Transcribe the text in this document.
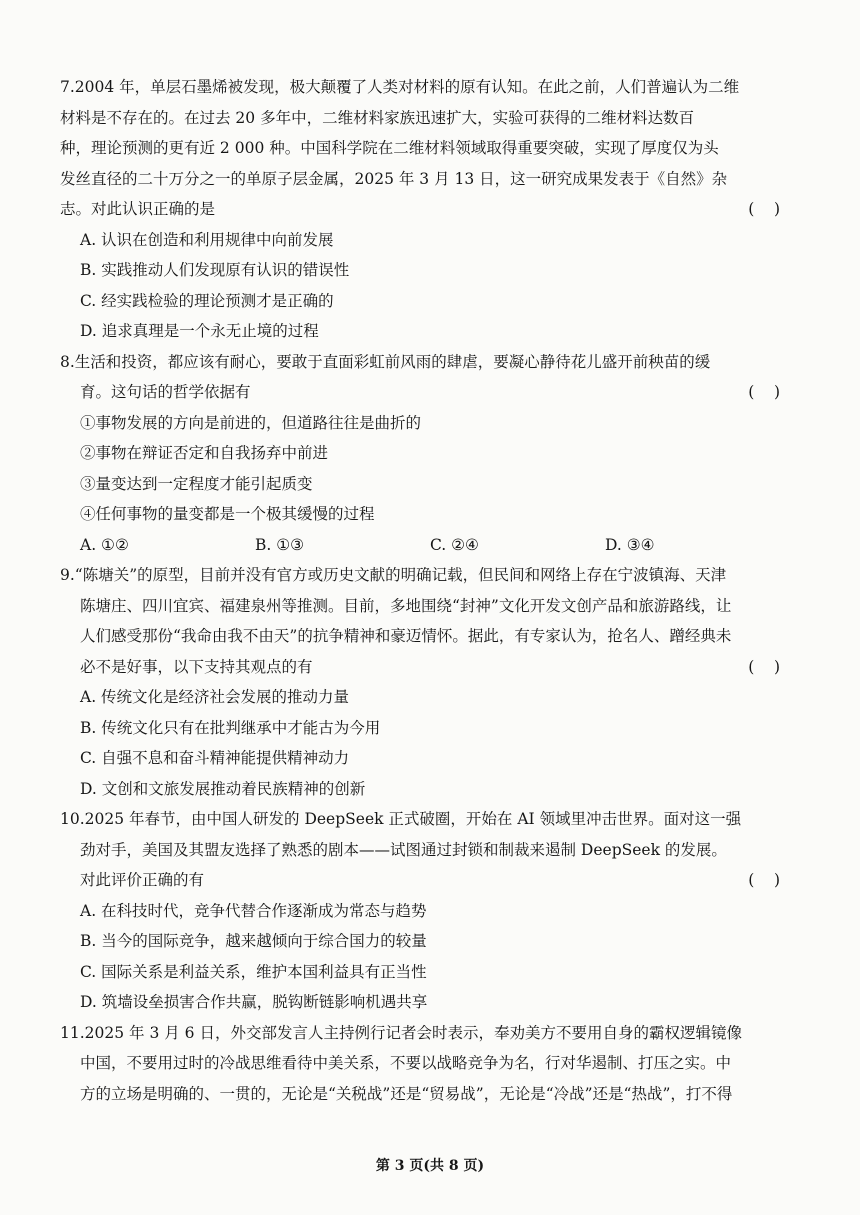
7.2004 年，单层石墨烯被发现，极大颠覆了人类对材料的原有认知。在此之前，人们普遍认为二维
材料是不存在的。在过去 20 多年中，二维材料家族迅速扩大，实验可获得的二维材料达数百
种，理论预测的更有近 2 000 种。中国科学院在二维材料领域取得重要突破，实现了厚度仅为头
发丝直径的二十万分之一的单原子层金属，2025 年 3 月 13 日，这一研究成果发表于《自然》杂
志。对此认识正确的是	(    )
A. 认识在创造和利用规律中向前发展
B. 实践推动人们发现原有认识的错误性
C. 经实践检验的理论预测才是正确的
D. 追求真理是一个永无止境的过程
8.生活和投资，都应该有耐心，要敢于直面彩虹前风雨的肆虐，要凝心静待花儿盛开前秧苗的缓
育。这句话的哲学依据有	(    )
①事物发展的方向是前进的，但道路往往是曲折的
②事物在辩证否定和自我扬弃中前进
③量变达到一定程度才能引起质变
④任何事物的量变都是一个极其缓慢的过程
A. ①②	B. ①③	C. ②④	D. ③④
9.“陈塘关”的原型，目前并没有官方或历史文献的明确记载，但民间和网络上存在宁波镇海、天津
陈塘庄、四川宜宾、福建泉州等推测。目前，多地围绕“封神”文化开发文创产品和旅游路线，让
人们感受那份“我命由我不由天”的抗争精神和豪迈情怀。据此，有专家认为，抢名人、蹭经典未
必不是好事，以下支持其观点的有	(    )
A. 传统文化是经济社会发展的推动力量
B. 传统文化只有在批判继承中才能古为今用
C. 自强不息和奋斗精神能提供精神动力
D. 文创和文旅发展推动着民族精神的创新
10.2025 年春节，由中国人研发的 DeepSeek 正式破圈，开始在 AI 领域里冲击世界。面对这一强
劲对手，美国及其盟友选择了熟悉的剧本——试图通过封锁和制裁来遏制 DeepSeek 的发展。
对此评价正确的有	(    )
A. 在科技时代，竞争代替合作逐渐成为常态与趋势
B. 当今的国际竞争，越来越倾向于综合国力的较量
C. 国际关系是利益关系，维护本国利益具有正当性
D. 筑墙设垒损害合作共赢，脱钩断链影响机遇共享
11.2025 年 3 月 6 日，外交部发言人主持例行记者会时表示，奉劝美方不要用自身的霸权逻辑镜像
中国，不要用过时的冷战思维看待中美关系，不要以战略竞争为名，行对华遏制、打压之实。中
方的立场是明确的、一贯的，无论是“关税战”还是“贸易战”，无论是“冷战”还是“热战”，打不得
第 3 页(共 8 页)
